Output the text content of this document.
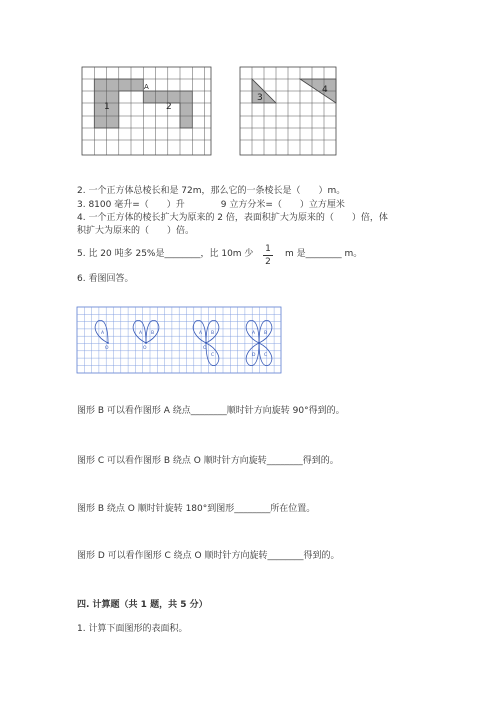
1	2
A
3
4
2. 一个正方体总棱长和是 72m，那么它的一条棱长是（　　）m。
3. 8100 毫升=（　　）升　　　　9 立方分米=（　　）立方厘米
4. 一个正方体的棱长扩大为原来的 2 倍，表面积扩大为原来的（　　）倍，体
积扩大为原来的（　　）倍。
5. 比 20 吨多 25%是________，比 10m 少 1
2
m 是________ m。
6. 看图回答。
A
O
A B
O
A B
C
O
A B
C
D
图形 B 可以看作图形 A 绕点________顺时针方向旋转 90°得到的。
图形 C 可以看作图形 B 绕点 O 顺时针方向旋转________得到的。
图形 B 绕点 O 顺时针旋转 180°到图形________所在位置。
图形 D 可以看作图形 C 绕点 O 顺时针方向旋转________得到的。
四. 计算题（共 1 题，共 5 分）
1. 计算下面图形的表面积。
